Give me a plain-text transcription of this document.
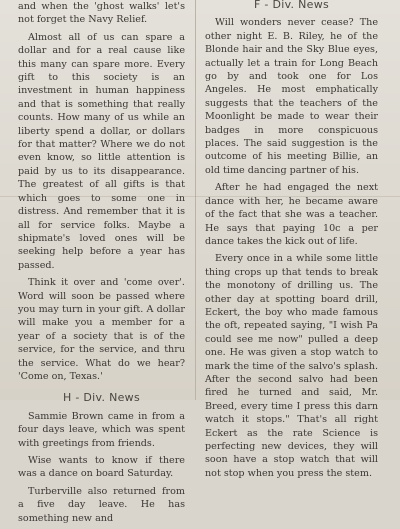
and when the 'ghost walks' let's not forget the Navy Relief.

Almost all of us can spare a dollar and for a real cause like this many can spare more. Every gift to this society is an investment in human happiness and that is something that really counts. How many of us while an liberty spend a dollar, or dollars for that matter? Where we do not even know, so little attention is paid by us to its disappearance. The greatest of all gifts is that which goes to some one in distress. And remember that it is all for service folks. Maybe a shipmate's loved ones will be seeking help before a year has passed.

Think it over and 'come over'. Word will soon be passed where you may turn in your gift. A dollar will make you a member for a year of a society that is of the service, for the service, and thru the service. What do we hear? 'Come on, Texas.'

H - Div. News

Sammie Brown came in from a four days leave, which was spent with greetings from friends.

Wise wants to know if there was a dance on board Saturday.

Turberville also returned from a five day leave. He has something new and

F - Div. News

Will wonders never cease? The other night E. B. Riley, he of the Blonde hair and the Sky Blue eyes, actually let a train for Long Beach go by and took one for Los Angeles. He most emphatically suggests that the teachers of the Moonlight be made to wear their badges in more conspicuous places. The said suggestion is the outcome of his meeting Billie, an old time dancing partner of his.

After he had engaged the next dance with her, he became aware of the fact that she was a teacher. He says that paying 10c a per dance takes the kick out of life.

Every once in a while some little thing crops up that tends to break the monotony of drilling us. The other day at spotting board drill, Eckert, the boy who made famous the oft, repeated saying, "I wish Pa could see me now" pulled a deep one. He was given a stop watch to mark the time of the salvo's splash. After the second salvo had been fired he turned and said, Mr. Breed, every time I press this darn watch it stops." That's all right Eckert as the rate Science is perfecting new devices, they will soon have a stop watch that will not stop when you press the stem.
